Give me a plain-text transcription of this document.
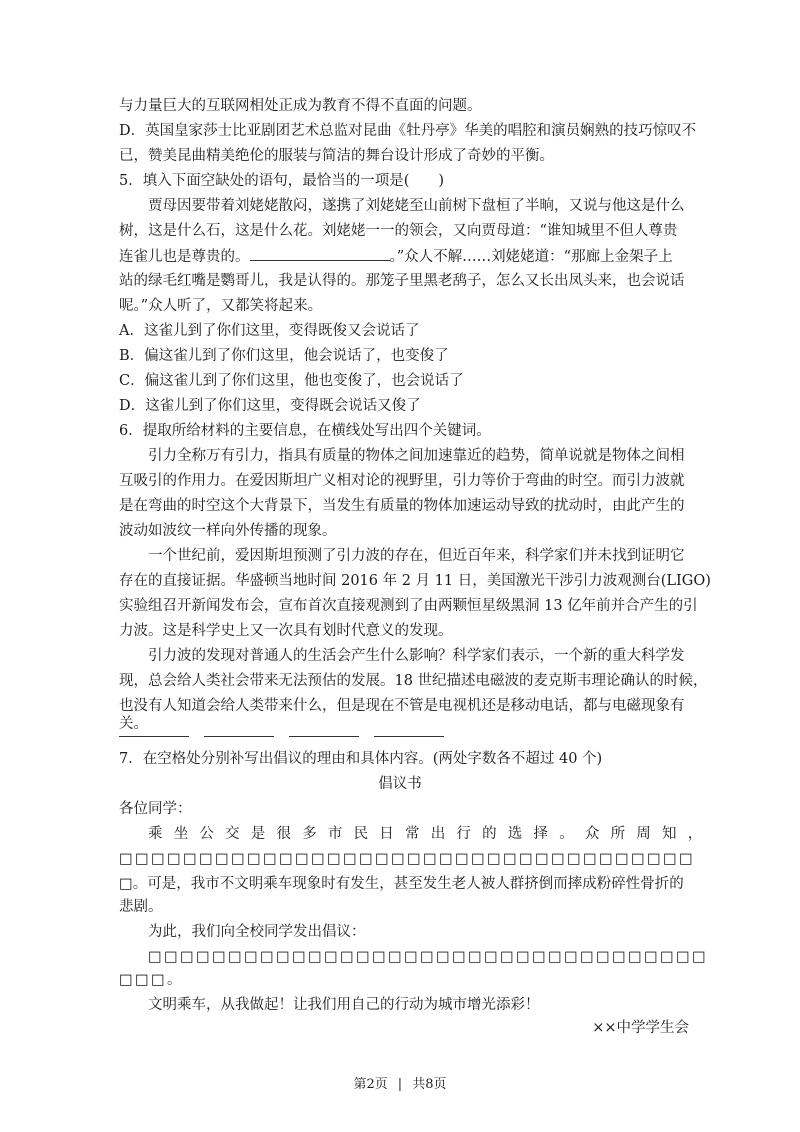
与力量巨大的互联网相处正成为教育不得不直面的问题。
D．英国皇家莎士比亚剧团艺术总监对昆曲《牡丹亭》华美的唱腔和演员娴熟的技巧惊叹不
已，赞美昆曲精美绝伦的服装与简洁的舞台设计形成了奇妙的平衡。
5．填入下面空缺处的语句，最恰当的一项是(　　)
贾母因要带着刘姥姥散闷，遂携了刘姥姥至山前树下盘桓了半晌，又说与他这是什么
树，这是什么石，这是什么花。刘姥姥一一的领会，又向贾母道：“谁知城里不但人尊贵
连雀儿也是尊贵的。	。”众人不解……刘姥姥道：“那廊上金架子上
站的绿毛红嘴是鹦哥儿，我是认得的。那笼子里黑老鸹子，怎么又长出凤头来，也会说话
呢。”众人听了，又都笑将起来。
A．这雀儿到了你们这里，变得既俊又会说话了
B．偏这雀儿到了你们这里，他会说话了，也变俊了
C．偏这雀儿到了你们这里，他也变俊了，也会说话了
D．这雀儿到了你们这里，变得既会说话又俊了
6．提取所给材料的主要信息，在横线处写出四个关键词。
引力全称万有引力，指具有质量的物体之间加速靠近的趋势，简单说就是物体之间相
互吸引的作用力。在爱因斯坦广义相对论的视野里，引力等价于弯曲的时空。而引力波就
是在弯曲的时空这个大背景下，当发生有质量的物体加速运动导致的扰动时，由此产生的
波动如波纹一样向外传播的现象。
一个世纪前，爱因斯坦预测了引力波的存在，但近百年来，科学家们并未找到证明它
存在的直接证据。华盛顿当地时间 2016 年 2 月 11 日，美国激光干涉引力波观测台(LIGO)
实验组召开新闻发布会，宣布首次直接观测到了由两颗恒星级黑洞 13 亿年前并合产生的引
力波。这是科学史上又一次具有划时代意义的发现。
引力波的发现对普通人的生活会产生什么影响？科学家们表示，一个新的重大科学发
现，总会给人类社会带来无法预估的发展。18 世纪描述电磁波的麦克斯韦理论确认的时候，
也没有人知道会给人类带来什么，但是现在不管是电视机还是移动电话，都与电磁现象有
关。
7．在空格处分别补写出倡议的理由和具体内容。(两处字数各不超过 40 个)
倡议书
各位同学：
乘坐公交是很多市民日常出行的选择。众所周知，
□□□□□□□□□□□□□□□□□□□□□□□□□□□□□□□□□□□□
□。可是，我市不文明乘车现象时有发生，甚至发生老人被人群挤倒而摔成粉碎性骨折的
悲剧。
为此，我们向全校同学发出倡议：
□□□□□□□□□□□□□□□□□□□□□□□□□□□□□□□□□□□
□□□。
文明乘车，从我做起！让我们用自己的行动为城市增光添彩！
××中学学生会
第2页 | 共8页
